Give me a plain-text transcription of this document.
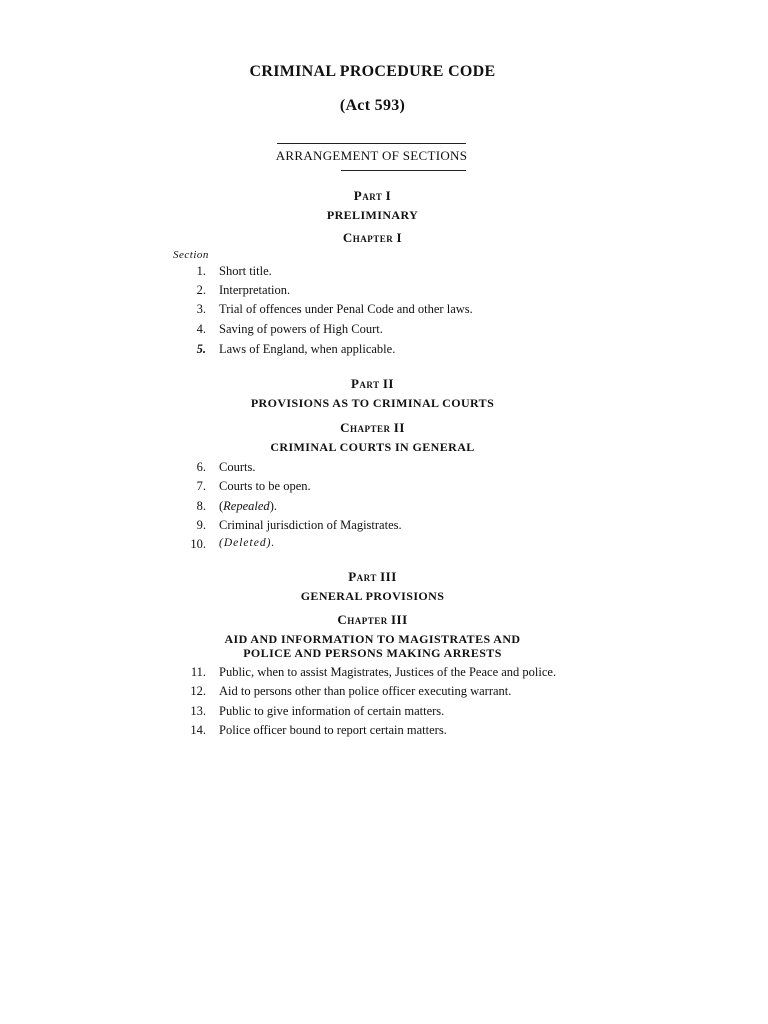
CRIMINAL PROCEDURE CODE
(Act 593)
ARRANGEMENT OF SECTIONS
Part I
PRELIMINARY
Chapter I
Section
1. Short title.
2. Interpretation.
3. Trial of offences under Penal Code and other laws.
4. Saving of powers of High Court.
5. Laws of England, when applicable.
Part II
PROVISIONS AS TO CRIMINAL COURTS
Chapter II
CRIMINAL COURTS IN GENERAL
6. Courts.
7. Courts to be open.
8. (Repealed).
9. Criminal jurisdiction of Magistrates.
10. (Deleted).
Part III
GENERAL PROVISIONS
Chapter III
AID AND INFORMATION TO MAGISTRATES AND
POLICE AND PERSONS MAKING ARRESTS
11. Public, when to assist Magistrates, Justices of the Peace and police.
12. Aid to persons other than police officer executing warrant.
13. Public to give information of certain matters.
14. Police officer bound to report certain matters.
